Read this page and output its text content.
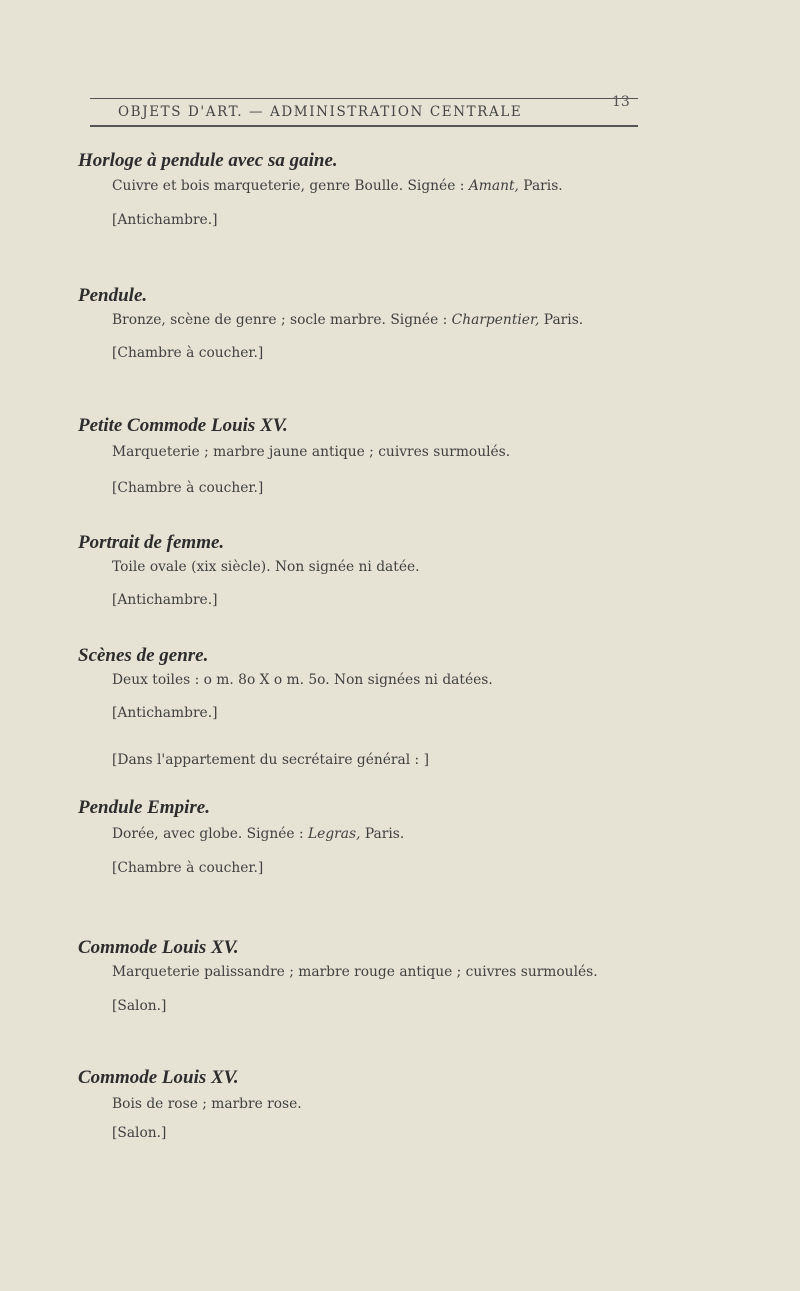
OBJETS D'ART. — ADMINISTRATION CENTRALE
13
Horloge à pendule avec sa gaine.
Cuivre et bois marqueterie, genre Boulle. Signée : Amant, Paris.
[Antichambre.]
Pendule.
Bronze, scène de genre ; socle marbre. Signée : Charpentier, Paris.
[Chambre à coucher.]
Petite Commode Louis XV.
Marqueterie ; marbre jaune antique ; cuivres surmoulés.
[Chambre à coucher.]
Portrait de femme.
Toile ovale (xix siècle). Non signée ni datée.
[Antichambre.]
Scènes de genre.
Deux toiles : o m. 8o X o m. 5o. Non signées ni datées.
[Antichambre.]
[Dans l'appartement du secrétaire général : ]
Pendule Empire.
Dorée, avec globe. Signée : Legras, Paris.
[Chambre à coucher.]
Commode Louis XV.
Marqueterie palissandre ; marbre rouge antique ; cuivres surmoulés.
[Salon.]
Commode Louis XV.
Bois de rose ; marbre rose.
[Salon.]
